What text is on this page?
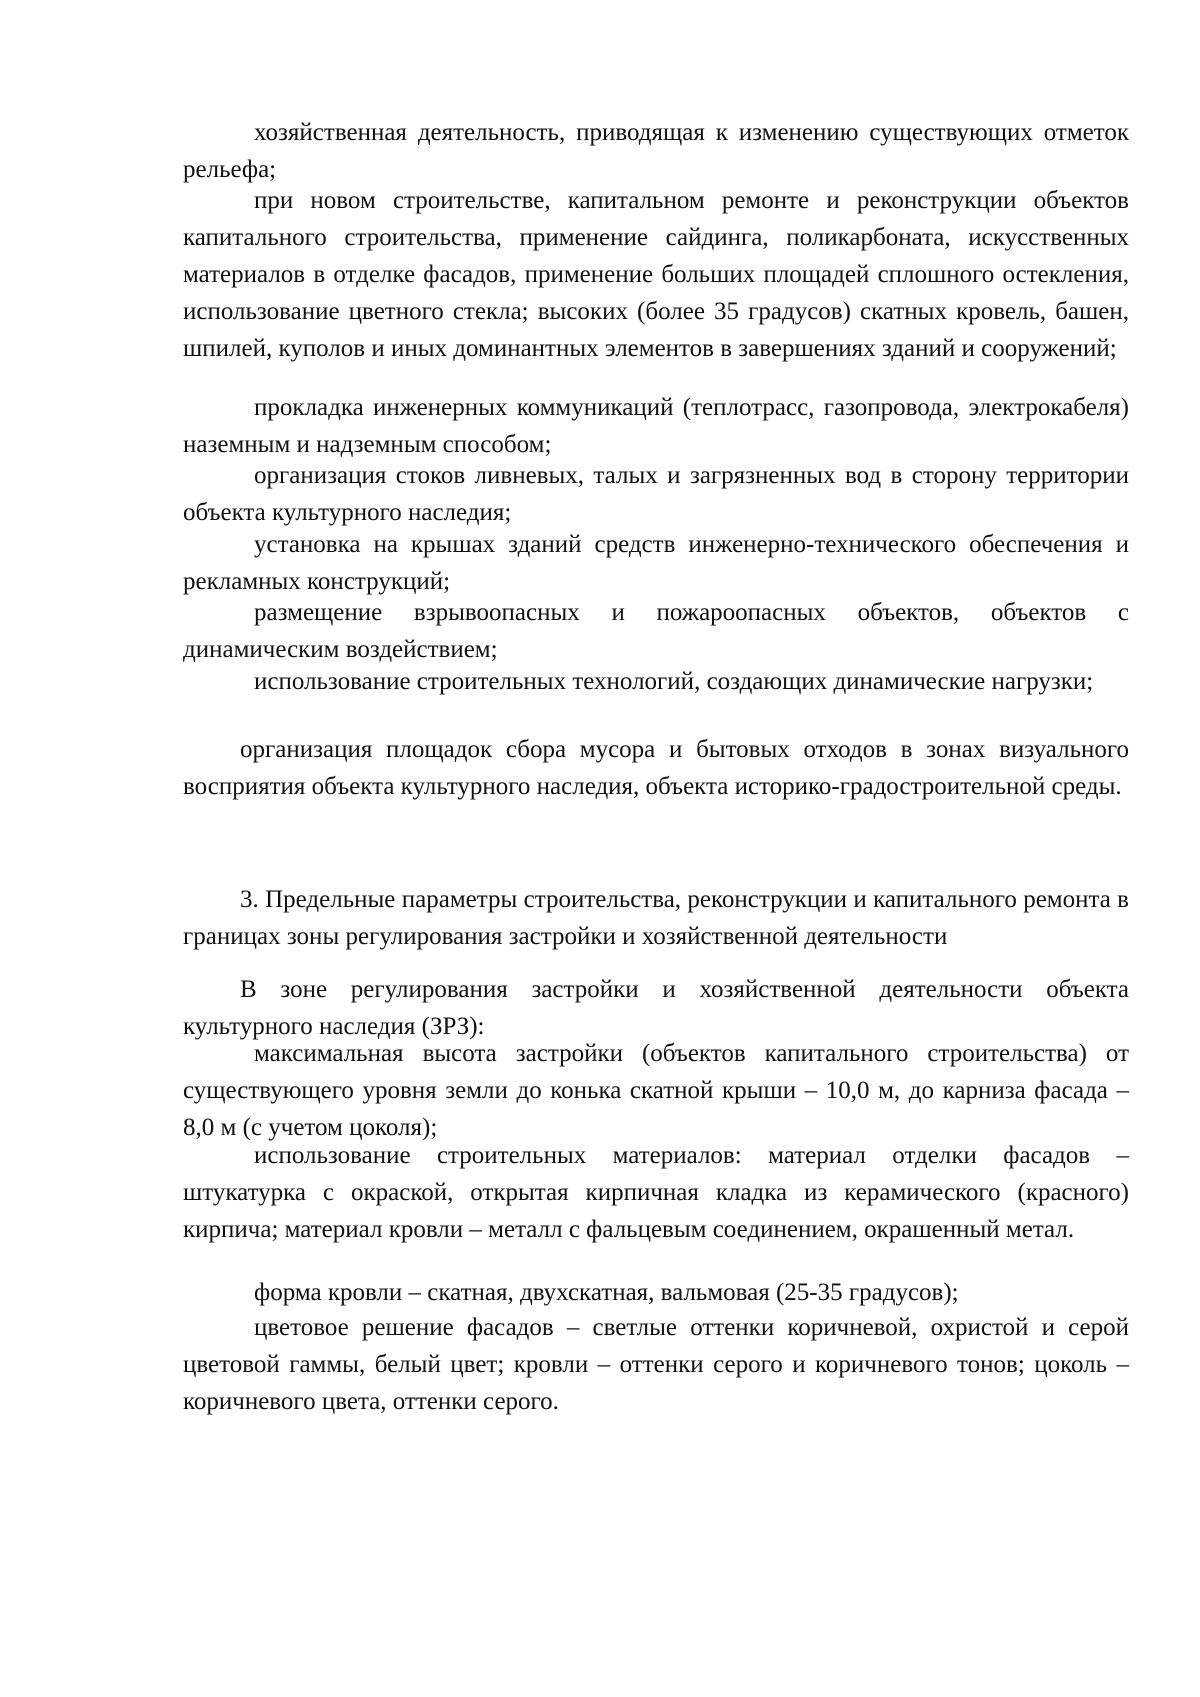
хозяйственная деятельность, приводящая к изменению существующих отметок рельефа;

при новом строительстве, капитальном ремонте и реконструкции объектов капитального строительства, применение сайдинга, поликарбоната, искусственных материалов в отделке фасадов, применение больших площадей сплошного остекления, использование цветного стекла; высоких (более 35 градусов) скатных кровель, башен, шпилей, куполов и иных доминантных элементов в завершениях зданий и сооружений;

прокладка инженерных коммуникаций (теплотрасс, газопровода, электрокабеля) наземным и надземным способом;

организация стоков ливневых, талых и загрязненных вод в сторону территории объекта культурного наследия;

установка на крышах зданий средств инженерно-технического обеспечения и рекламных конструкций;

размещение взрывоопасных и пожароопасных объектов, объектов с динамическим воздействием;

использование строительных технологий, создающих динамические нагрузки;

организация площадок сбора мусора и бытовых отходов в зонах визуального восприятия объекта культурного наследия, объекта историко-градостроительной среды.

3. Предельные параметры строительства, реконструкции и капитального ремонта в границах зоны регулирования застройки и хозяйственной деятельности

В зоне регулирования застройки и хозяйственной деятельности объекта культурного наследия (ЗРЗ):

максимальная высота застройки (объектов капитального строительства) от существующего уровня земли до конька скатной крыши – 10,0 м, до карниза фасада – 8,0 м (с учетом цоколя);

использование строительных материалов: материал отделки фасадов – штукатурка с окраской, открытая кирпичная кладка из керамического (красного) кирпича; материал кровли – металл с фальцевым соединением, окрашенный метал.

форма кровли – скатная, двухскатная, вальмовая (25-35 градусов);

цветовое решение фасадов – светлые оттенки коричневой, охристой и серой цветовой гаммы, белый цвет; кровли – оттенки серого и коричневого тонов; цоколь – коричневого цвета, оттенки серого.
